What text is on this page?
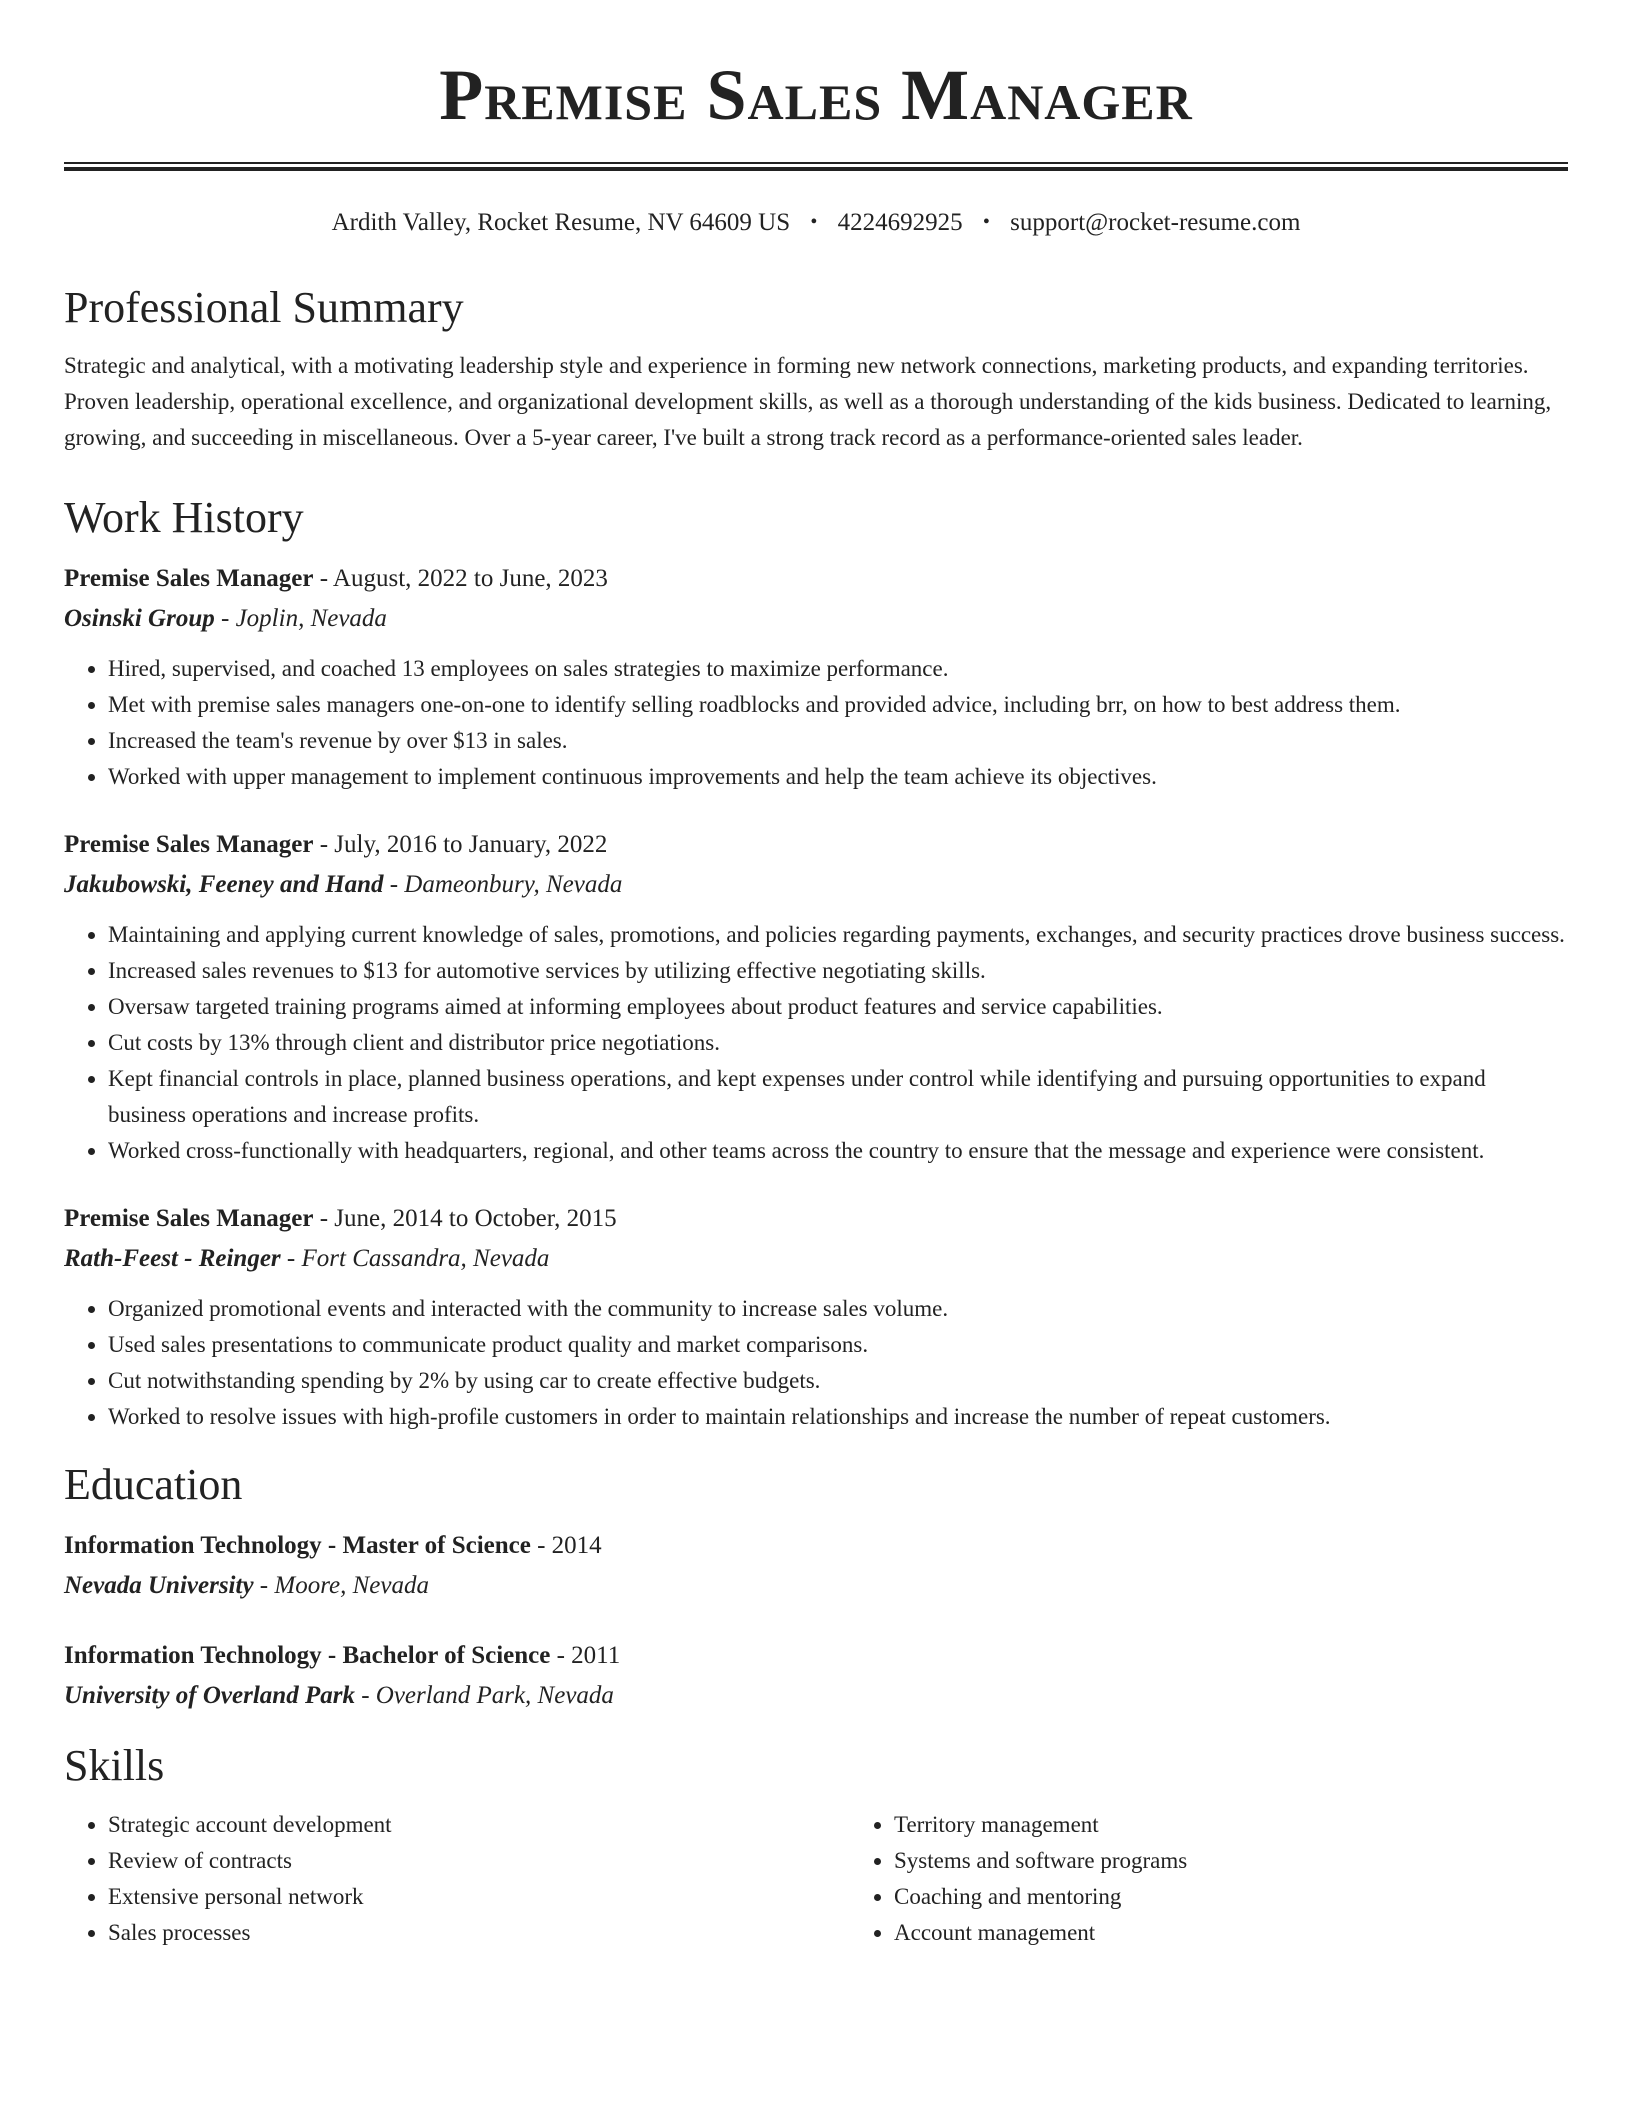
Premise Sales Manager
Ardith Valley, Rocket Resume, NV 64609 US • 4224692925 • support@rocket-resume.com
Professional Summary

Strategic and analytical, with a motivating leadership style and experience in forming new network connections, marketing products, and expanding territories. Proven leadership, operational excellence, and organizational development skills, as well as a thorough understanding of the kids business. Dedicated to learning, growing, and succeeding in miscellaneous. Over a 5-year career, I've built a strong track record as a performance-oriented sales leader.

Work History
Premise Sales Manager - August, 2022 to June, 2023
Osinski Group - Joplin, Nevada
• Hired, supervised, and coached 13 employees on sales strategies to maximize performance.
• Met with premise sales managers one-on-one to identify selling roadblocks and provided advice, including brr, on how to best address them.
• Increased the team's revenue by over $13 in sales.
• Worked with upper management to implement continuous improvements and help the team achieve its objectives.
Premise Sales Manager - July, 2016 to January, 2022
Jakubowski, Feeney and Hand - Dameonbury, Nevada
• Maintaining and applying current knowledge of sales, promotions, and policies regarding payments, exchanges, and security practices drove business success.
• Increased sales revenues to $13 for automotive services by utilizing effective negotiating skills.
• Oversaw targeted training programs aimed at informing employees about product features and service capabilities.
• Cut costs by 13% through client and distributor price negotiations.
• Kept financial controls in place, planned business operations, and kept expenses under control while identifying and pursuing opportunities to expand business operations and increase profits.
• Worked cross-functionally with headquarters, regional, and other teams across the country to ensure that the message and experience were consistent.
Premise Sales Manager - June, 2014 to October, 2015
Rath-Feest - Reinger - Fort Cassandra, Nevada
• Organized promotional events and interacted with the community to increase sales volume.
• Used sales presentations to communicate product quality and market comparisons.
• Cut notwithstanding spending by 2% by using car to create effective budgets.
• Worked to resolve issues with high-profile customers in order to maintain relationships and increase the number of repeat customers.
Education
Information Technology - Master of Science - 2014
Nevada University - Moore, Nevada
Information Technology - Bachelor of Science - 2011
University of Overland Park - Overland Park, Nevada
Skills
• Strategic account development
• Review of contracts
• Extensive personal network
• Sales processes
• Territory management
• Systems and software programs
• Coaching and mentoring
• Account management
